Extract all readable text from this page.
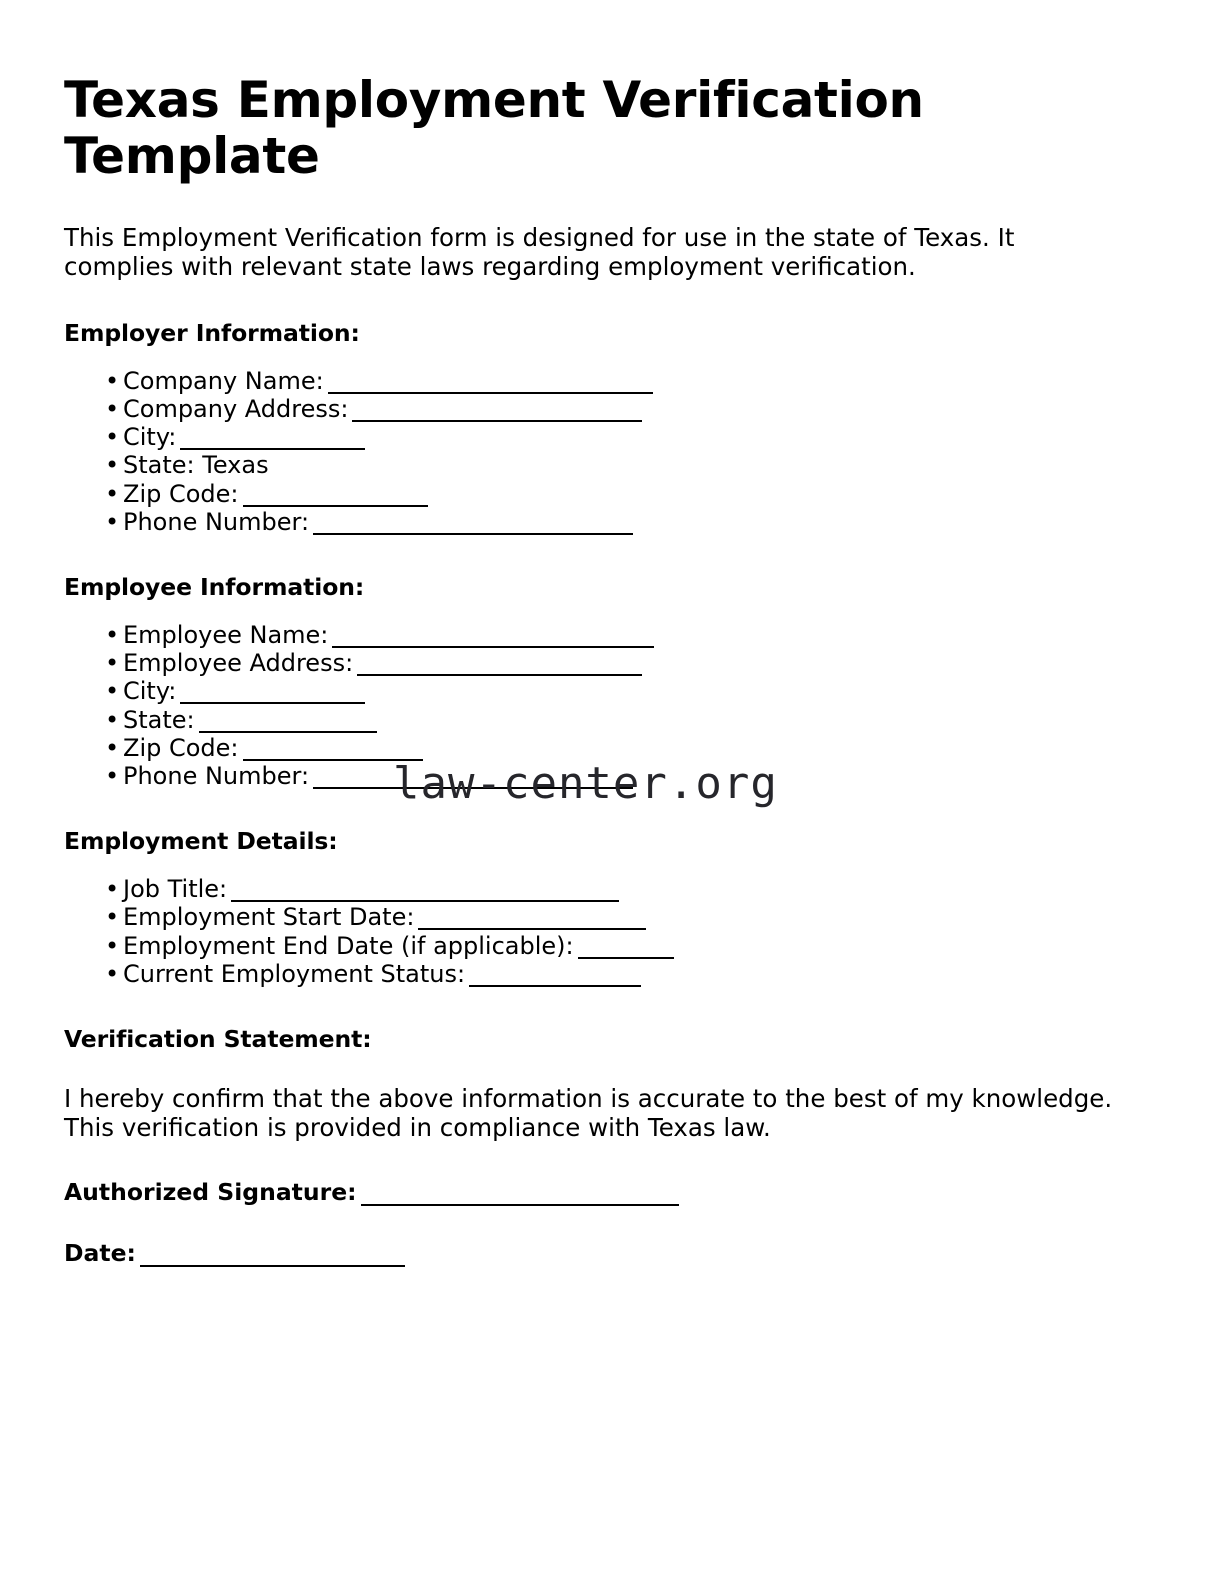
Texas Employment Verification Template

This Employment Verification form is designed for use in the state of Texas. It complies with relevant state laws regarding employment verification.

Employer Information:
• Company Name:
• Company Address:
• City:
• State: Texas
• Zip Code:
• Phone Number:
Employee Information:
• Employee Name:
• Employee Address:
• City:
• State:
• Zip Code:
• Phone Number:
Employment Details:
• Job Title:
• Employment Start Date:
• Employment End Date (if applicable):
• Current Employment Status:
Verification Statement:

I hereby confirm that the above information is accurate to the best of my knowledge. This verification is provided in compliance with Texas law.

Authorized Signature:
Date:
law-center.org
